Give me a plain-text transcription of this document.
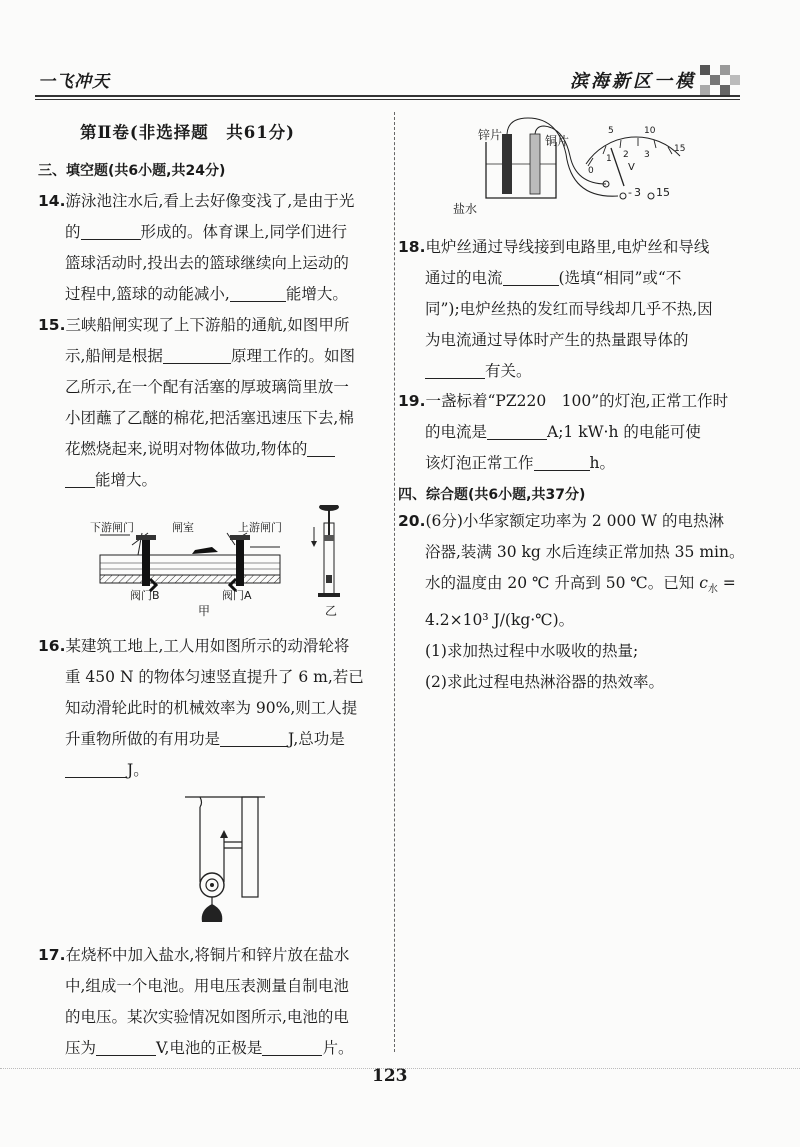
一飞冲天	滨海新区一模
第Ⅱ卷(非选择题　共61分)
三、填空题(共6小题,共24分)
14.游泳池注水后,看上去好像变浅了,是由于光
的	形成的。体育课上,同学们进行
篮球活动时,投出去的篮球继续向上运动的
过程中,篮球的动能减小,	能增大。
15.三峡船闸实现了上下游船的通航,如图甲所
示,船闸是根据	原理工作的。如图
乙所示,在一个配有活塞的厚玻璃筒里放一
小团蘸了乙醚的棉花,把活塞迅速压下去,棉
花燃烧起来,说明对物体做功,物体的
能增大。
下游闸门	闸室	上游闸门
阀门B	阀门A
甲	乙
16.某建筑工地上,工人用如图所示的动滑轮将
重 450 N 的物体匀速竖直提升了 6 m,若已
知动滑轮此时的机械效率为 90%,则工人提
升重物所做的有用功是	J,总功是
J。
17.在烧杯中加入盐水,将铜片和锌片放在盐水
中,组成一个电池。用电压表测量自制电池
的电压。某次实验情况如图所示,电池的电
压为	V,电池的正极是	片。
锌片	铜片
盐水
V
- 3 15
0
1 2 3
5	10
15
18.电炉丝通过导线接到电路里,电炉丝和导线
通过的电流	(选填“相同”或“不
同”);电炉丝热的发红而导线却几乎不热,因
为电流通过导体时产生的热量跟导体的
有关。
19.一盏标着“PZ220　100”的灯泡,正常工作时
的电流是	A;1 kW·h 的电能可使
该灯泡正常工作	h。
四、综合题(共6小题,共37分)
20.(6分)小华家额定功率为 2 000 W 的电热淋
浴器,装满 30 kg 水后连续正常加热 35 min。
水的温度由 20 ℃ 升高到 50 ℃。已知 $c_水$ =
4.2×10³ J/(kg·℃)。
(1)求加热过程中水吸收的热量;
(2)求此过程电热淋浴器的热效率。
123
